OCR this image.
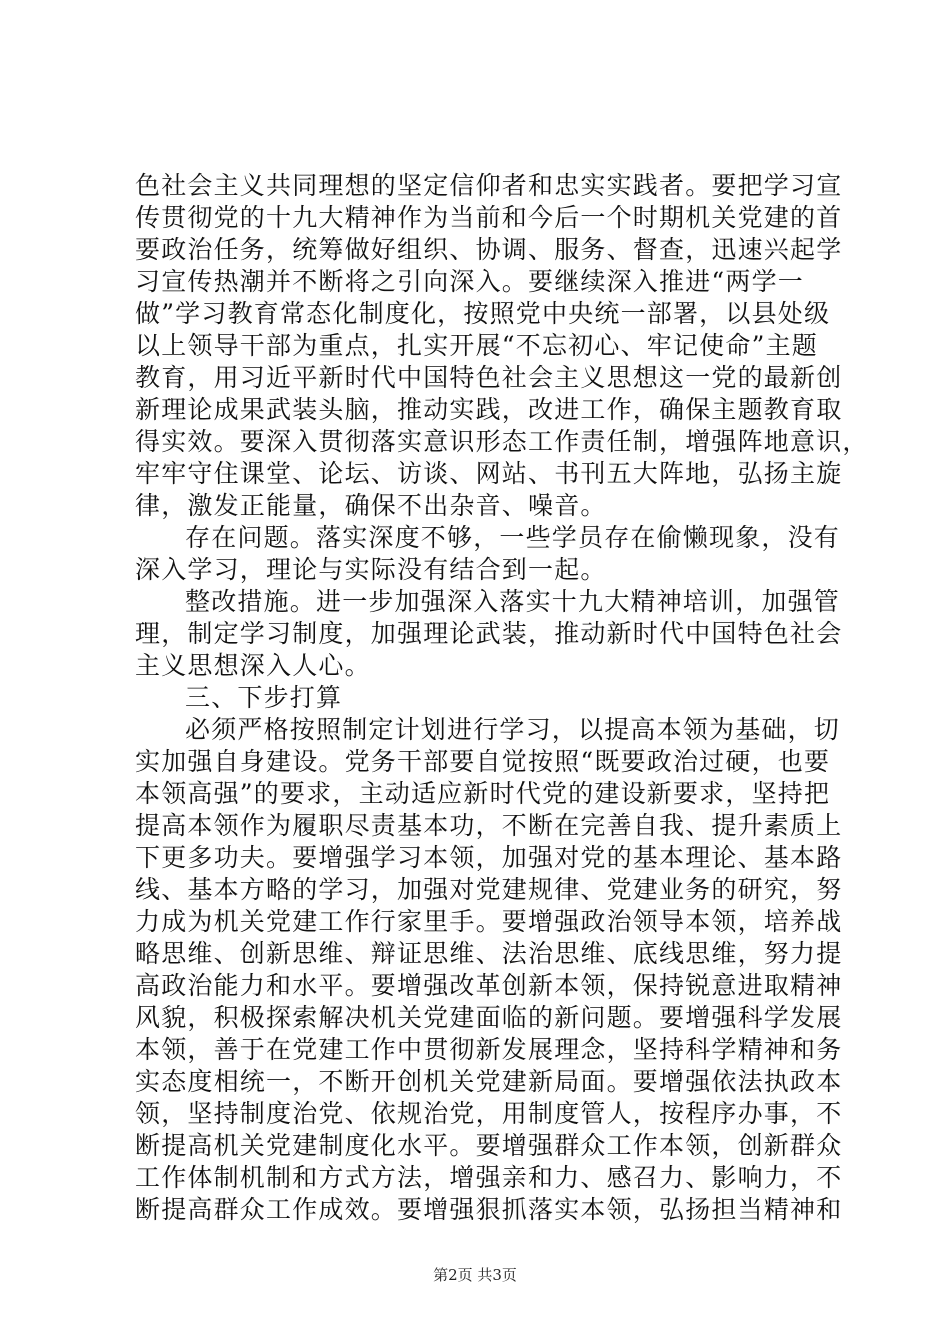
色社会主义共同理想的坚定信仰者和忠实实践者。要把学习宣
传贯彻党的十九大精神作为当前和今后一个时期机关党建的首
要政治任务，统筹做好组织、协调、服务、督查，迅速兴起学
习宣传热潮并不断将之引向深入。要继续深入推进“两学一
做”学习教育常态化制度化，按照党中央统一部署，以县处级
以上领导干部为重点，扎实开展“不忘初心、牢记使命”主题
教育，用习近平新时代中国特色社会主义思想这一党的最新创
新理论成果武装头脑，推动实践，改进工作，确保主题教育取
得实效。要深入贯彻落实意识形态工作责任制，增强阵地意识，
牢牢守住课堂、论坛、访谈、网站、书刊五大阵地，弘扬主旋
律，激发正能量，确保不出杂音、噪音。
存在问题。落实深度不够，一些学员存在偷懒现象，没有
深入学习，理论与实际没有结合到一起。
整改措施。进一步加强深入落实十九大精神培训，加强管
理，制定学习制度，加强理论武装，推动新时代中国特色社会
主义思想深入人心。
三、下步打算
必须严格按照制定计划进行学习，以提高本领为基础，切
实加强自身建设。党务干部要自觉按照“既要政治过硬，也要
本领高强”的要求，主动适应新时代党的建设新要求，坚持把
提高本领作为履职尽责基本功，不断在完善自我、提升素质上
下更多功夫。要增强学习本领，加强对党的基本理论、基本路
线、基本方略的学习，加强对党建规律、党建业务的研究，努
力成为机关党建工作行家里手。要增强政治领导本领，培养战
略思维、创新思维、辩证思维、法治思维、底线思维，努力提
高政治能力和水平。要增强改革创新本领，保持锐意进取精神
风貌，积极探索解决机关党建面临的新问题。要增强科学发展
本领，善于在党建工作中贯彻新发展理念，坚持科学精神和务
实态度相统一，不断开创机关党建新局面。要增强依法执政本
领，坚持制度治党、依规治党，用制度管人，按程序办事，不
断提高机关党建制度化水平。要增强群众工作本领，创新群众
工作体制机制和方式方法，增强亲和力、感召力、影响力，不
断提高群众工作成效。要增强狠抓落实本领，弘扬担当精神和
第2页 共3页
